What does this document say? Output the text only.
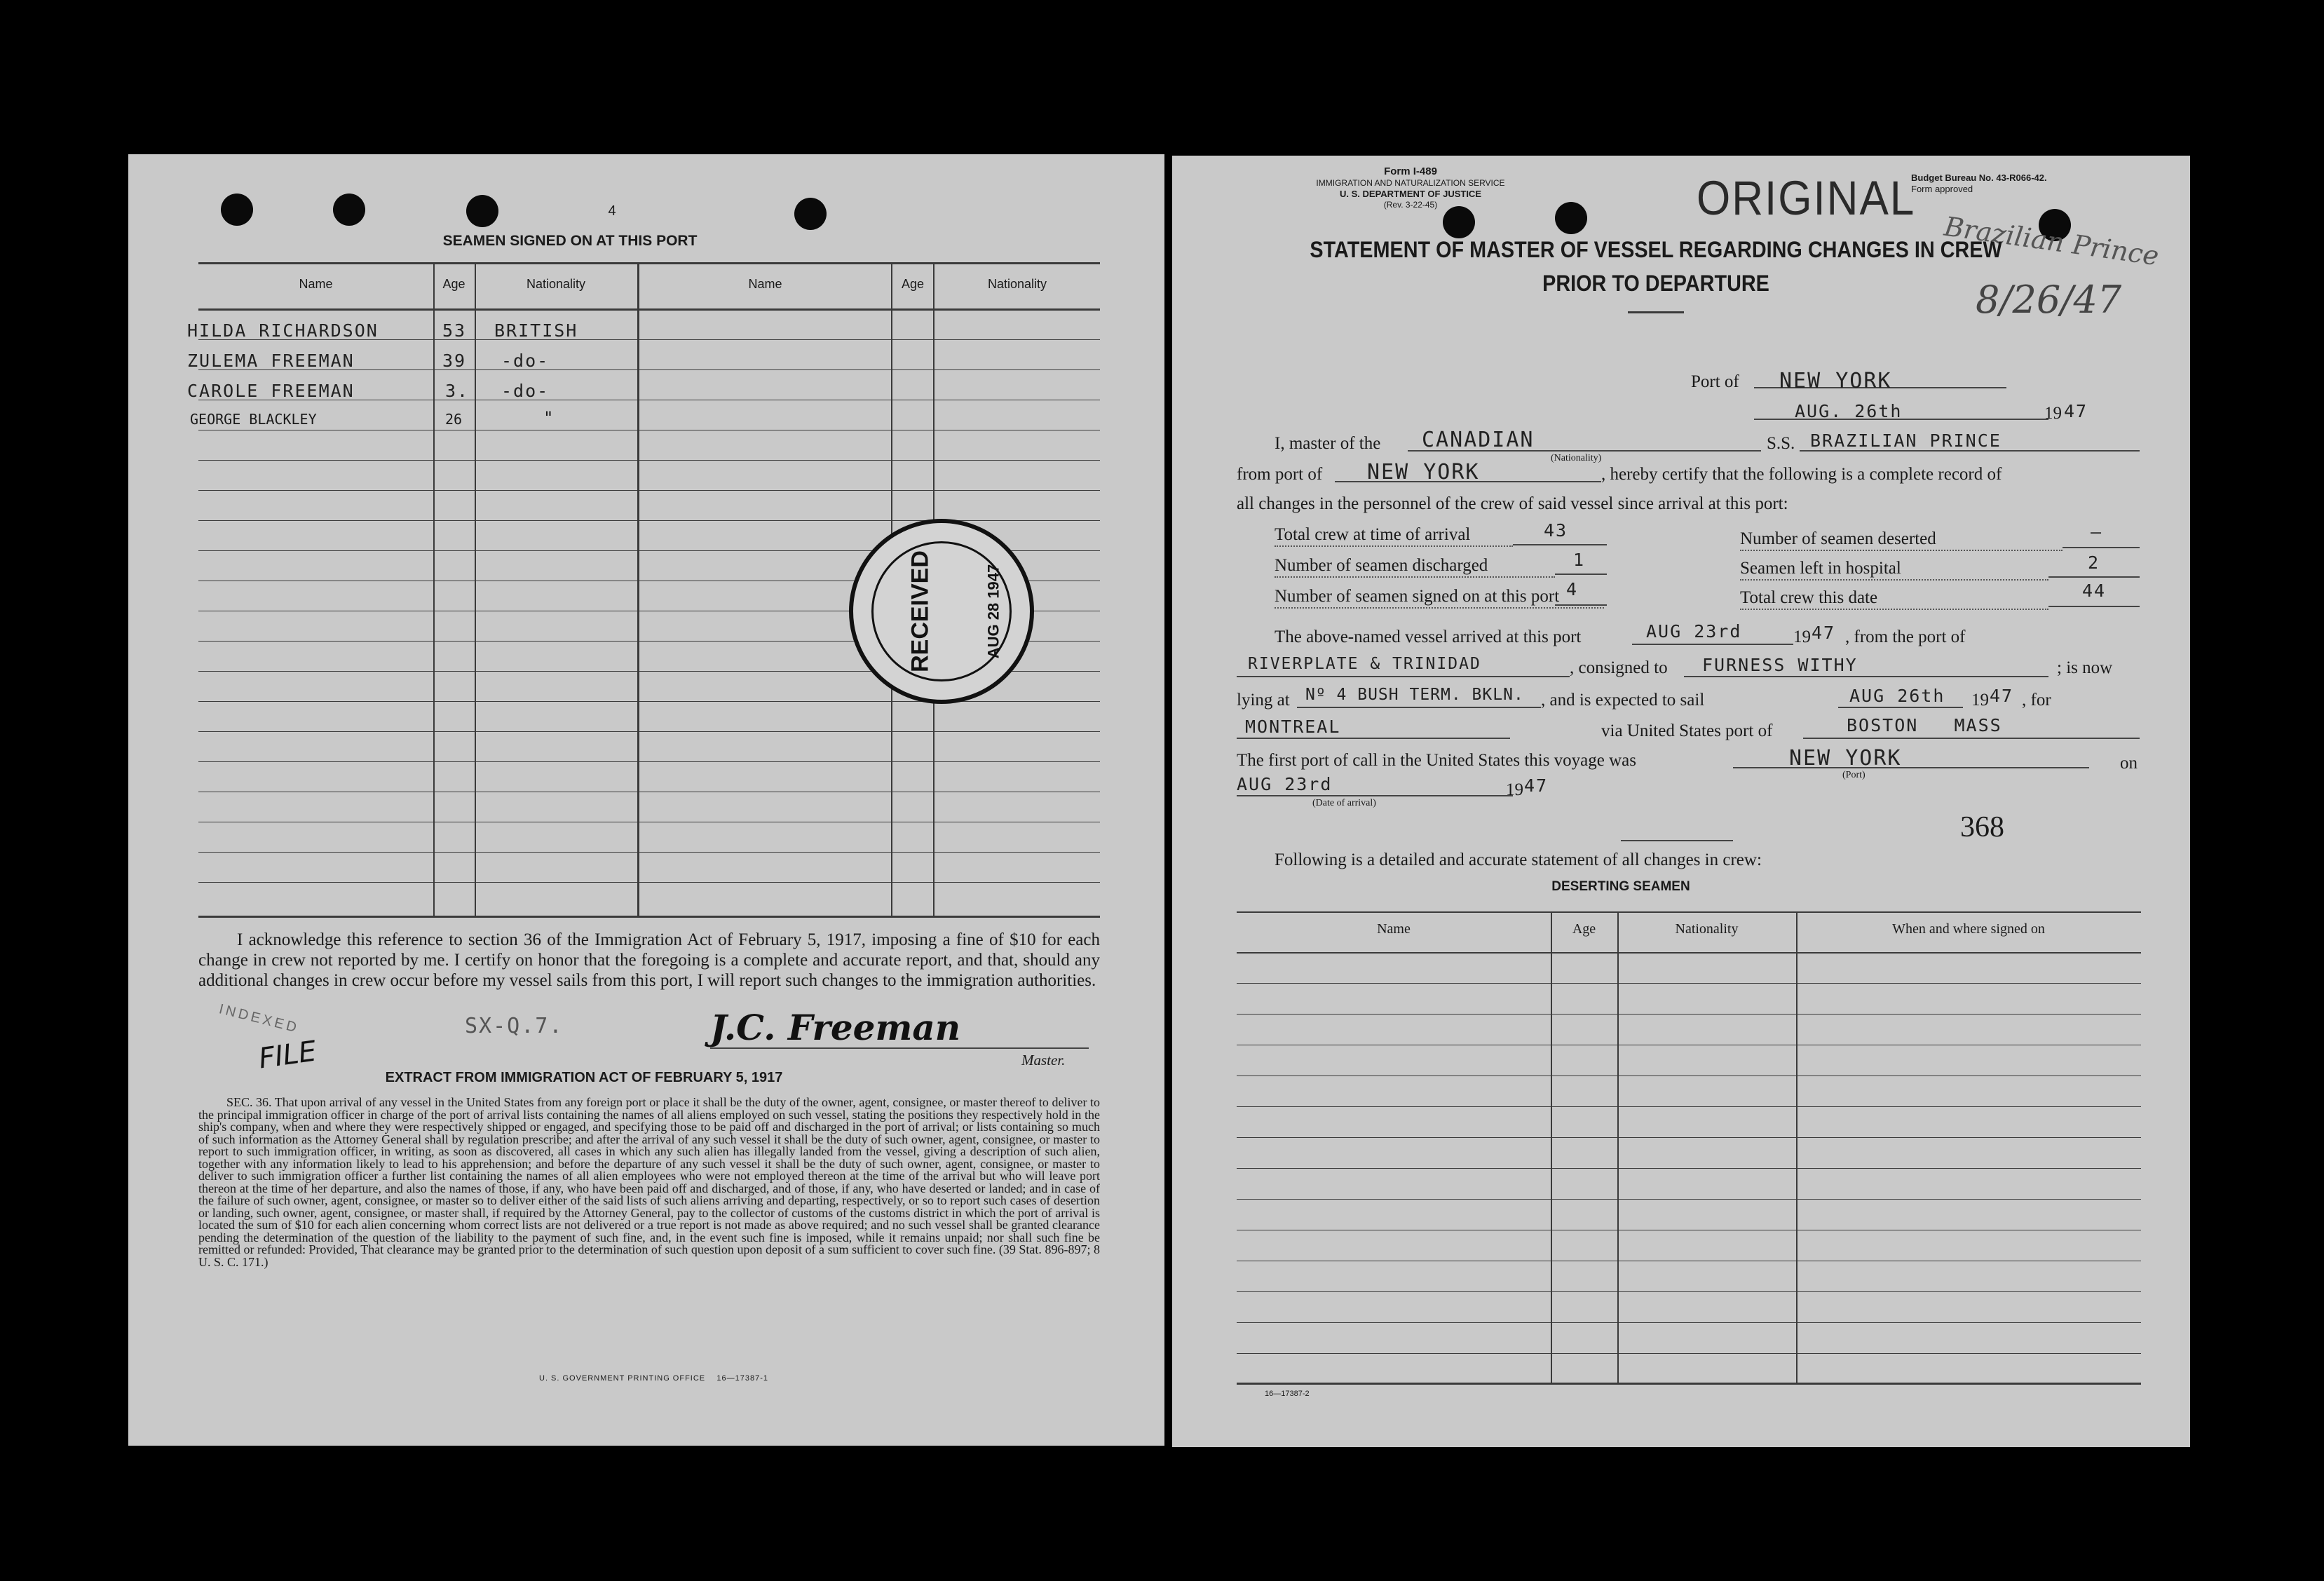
4
SEAMEN SIGNED ON AT THIS PORT
Name	Age	Nationality	Name	Age	Nationality
HILDA RICHARDSON	53 BRITISH
ZULEMA FREEMAN	39 -do-
CAROLE FREEMAN	3. -do-
GEORGE BLACKLEY	26	"
RECEIVED	AUG 28 1947
I acknowledge this reference to section 36 of the Immigration Act of February 5, 1917, imposing a fine of $10 for each change in crew not reported by me. I certify on honor that the foregoing is a complete and accurate report, and that, should any additional changes in crew occur before my vessel sails from this port, I will report such changes to the immigration authorities.
INDEXED
FILE
SX-Q.7.	J.C. Freeman
Master.
EXTRACT FROM IMMIGRATION ACT OF FEBRUARY 5, 1917
SEC. 36. That upon arrival of any vessel in the United States from any foreign port or place it shall be the duty of the owner, agent, consignee, or master thereof to deliver to the principal immigration officer in charge of the port of arrival lists containing the names of all aliens employed on such vessel, stating the positions they respectively hold in the ship's company, when and where they were respectively shipped or engaged, and specifying those to be paid off and discharged in the port of arrival; or lists containing so much of such information as the Attorney General shall by regulation prescribe; and after the arrival of any such vessel it shall be the duty of such owner, agent, consignee, or master to report to such immigration officer, in writing, as soon as discovered, all cases in which any such alien has illegally landed from the vessel, giving a description of such alien, together with any information likely to lead to his apprehension; and before the departure of any such vessel it shall be the duty of such owner, agent, consignee, or master to deliver to such immigration officer a further list containing the names of all alien employees who were not employed thereon at the time of the arrival but who will leave port thereon at the time of her departure, and also the names of those, if any, who have been paid off and discharged, and of those, if any, who have deserted or landed; and in case of the failure of such owner, agent, consignee, or master so to deliver either of the said lists of such aliens arriving and departing, respectively, or so to report such cases of desertion or landing, such owner, agent, consignee, or master shall, if required by the Attorney General, pay to the collector of customs of the customs district in which the port of arrival is located the sum of $10 for each alien concerning whom correct lists are not delivered or a true report is not made as above required; and no such vessel shall be granted clearance pending the determination of the question of the liability to the payment of such fine, and, in the event such fine is imposed, while it remains unpaid; nor shall such fine be remitted or refunded: Provided, That clearance may be granted prior to the determination of such question upon deposit of a sum sufficient to cover such fine. (39 Stat. 896-897; 8 U. S. C. 171.)
U. S. GOVERNMENT PRINTING OFFICE    16—17387-1
Form I-489
IMMIGRATION AND NATURALIZATION SERVICE
U. S. DEPARTMENT OF JUSTICE
(Rev. 3-22-45)	ORIGINAL
Budget Bureau No. 43-R066-42.
Form approved
Brazilian Prince
8/26/47
STATEMENT OF MASTER OF VESSEL REGARDING CHANGES IN CREW
PRIOR TO DEPARTURE
Port of NEW YORK
AUG. 26th	19 47
I, master of the CANADIAN
(Nationality)
S.S. BRAZILIAN PRINCE
from port of NEW YORK	, hereby certify that the following is a complete record of
all changes in the personnel of the crew of said vessel since arrival at this port:
Total crew at time of arrival	43	Number of seamen deserted	—
Number of seamen discharged	1	Seamen left in hospital	2
Number of seamen signed on at this port 4	Total crew this date	44
The above-named vessel arrived at this port	AUG 23rd	19 47 , from the port of
RIVERPLATE & TRINIDAD	, consigned to FURNESS WITHY	; is now
lying at Nº 4 BUSH TERM. BKLN. , and is expected to sail	AUG 26th 19 47 , for
MONTREAL	via United States port of	BOSTON   MASS
The first port of call in the United States this voyage was	NEW YORK
(Port)
on
AUG 23rd
(Date of arrival)
19 47
368
Following is a detailed and accurate statement of all changes in crew:
DESERTING SEAMEN
Name	Age	Nationality	When and where signed on
16—17387-2
